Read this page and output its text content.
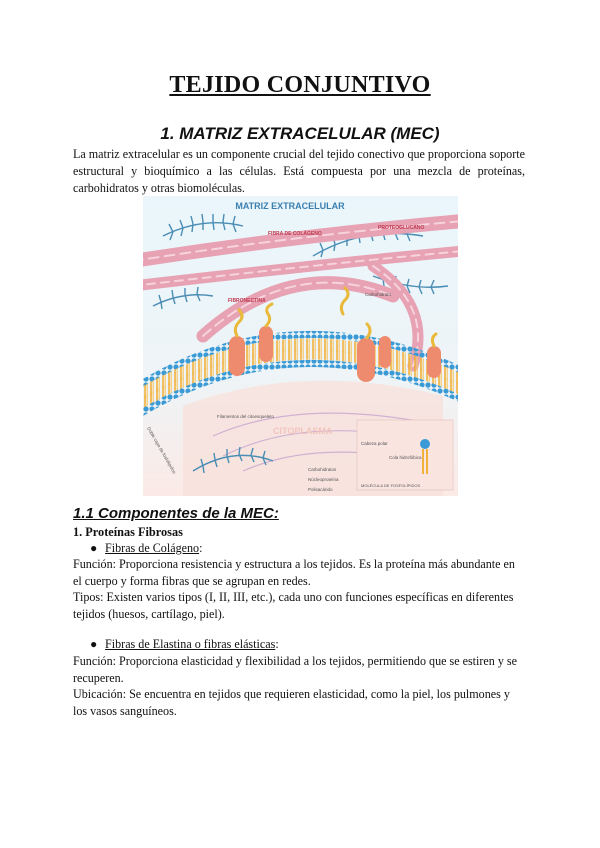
TEJIDO CONJUNTIVO
1. MATRIZ EXTRACELULAR (MEC)
La matriz extracelular es un componente crucial del tejido conectivo que proporciona soporte estructural y bioquímico a las células. Está compuesta por una mezcla de proteínas, carbohidratos y otras biomoléculas.
MATRIZ EXTRACELULAR
FIBRA DE COLÁGENO
PROTEOGLUCANO
FIBRONECTINA
Carbohidrato
Doble capa de fosfolípidos
Filamentos del citoesqueleto
CITOPLASMA
Cabeza polar
Cola hidrofóbica
MOLÉCULA DE FOSFOLÍPIDOS
Carbohidratos
Núcleoproteína
Polisacárido
1.1 Componentes de la MEC:
1. Proteínas Fibrosas
● Fibras de Colágeno:
Función: Proporciona resistencia y estructura a los tejidos. Es la proteína más abundante en el cuerpo y forma fibras que se agrupan en redes.
Tipos: Existen varios tipos (I, II, III, etc.), cada uno con funciones específicas en diferentes tejidos (huesos, cartílago, piel).
● Fibras de Elastina o fibras elásticas:
Función: Proporciona elasticidad y flexibilidad a los tejidos, permitiendo que se estiren y se recuperen.
Ubicación: Se encuentra en tejidos que requieren elasticidad, como la piel, los pulmones y los vasos sanguíneos.
